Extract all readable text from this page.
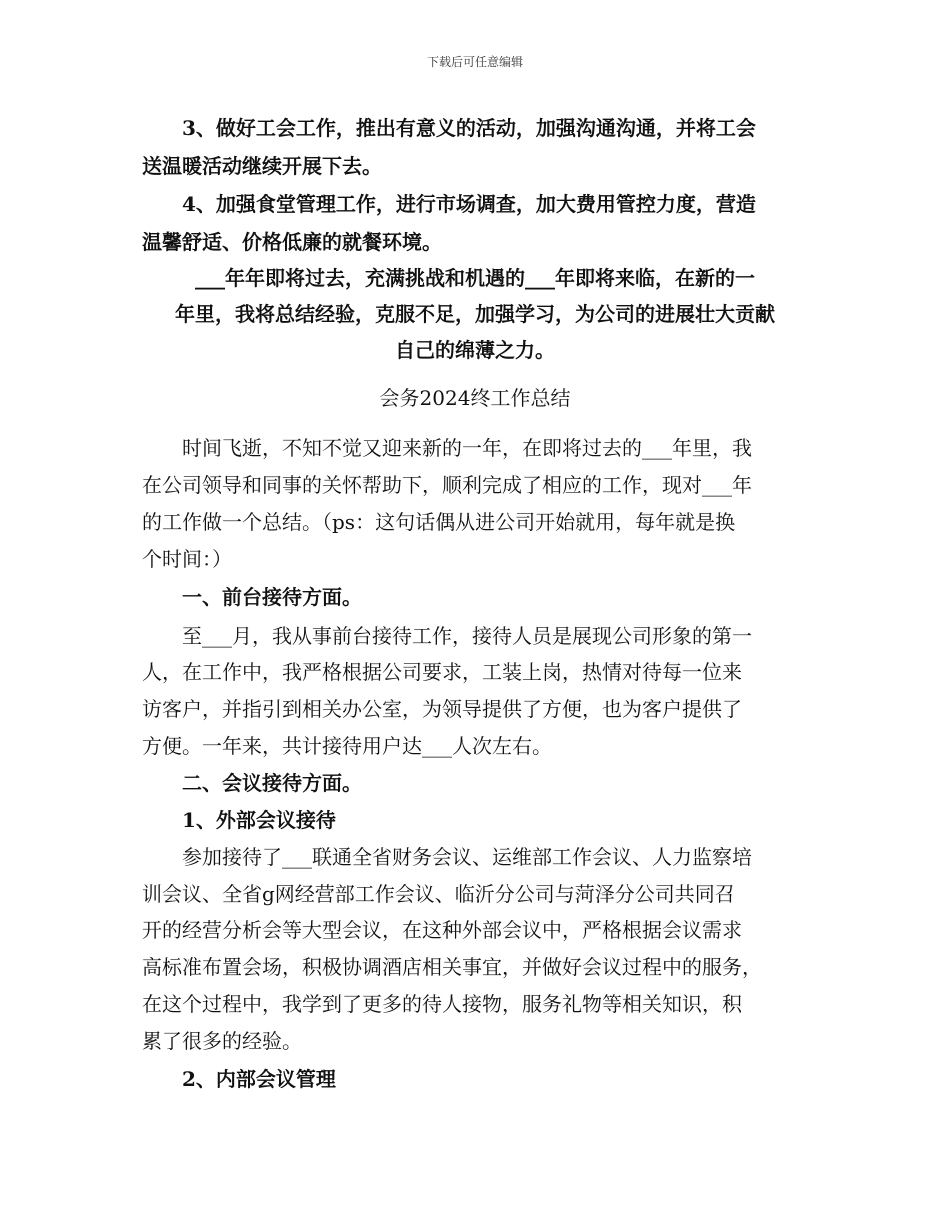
下载后可任意编辑
　　3、做好工会工作，推出有意义的活动，加强沟通沟通，并将工会
送温暖活动继续开展下去。
　　4、加强食堂管理工作，进行市场调查，加大费用管控力度，营造
温馨舒适、价格低廉的就餐环境。
___年年即将过去，充满挑战和机遇的___年即将来临，在新的一
年里，我将总结经验，克服不足，加强学习，为公司的进展壮大贡献
自己的绵薄之力。
会务2024终工作总结
　　时间飞逝，不知不觉又迎来新的一年，在即将过去的___年里，我
在公司领导和同事的关怀帮助下，顺利完成了相应的工作，现对___年
的工作做一个总结。（ps：这句话偶从进公司开始就用，每年就是换
个时间：）
　　一、前台接待方面。
　　至___月，我从事前台接待工作，接待人员是展现公司形象的第一
人，在工作中，我严格根据公司要求，工装上岗，热情对待每一位来
访客户，并指引到相关办公室，为领导提供了方便，也为客户提供了
方便。一年来，共计接待用户达___人次左右。
　　二、会议接待方面。
　　1、外部会议接待
　　参加接待了___联通全省财务会议、运维部工作会议、人力监察培
训会议、全省g网经营部工作会议、临沂分公司与菏泽分公司共同召
开的经营分析会等大型会议，在这种外部会议中，严格根据会议需求
高标准布置会场，积极协调酒店相关事宜，并做好会议过程中的服务，
在这个过程中，我学到了更多的待人接物，服务礼物等相关知识，积
累了很多的经验。
　　2、内部会议管理
